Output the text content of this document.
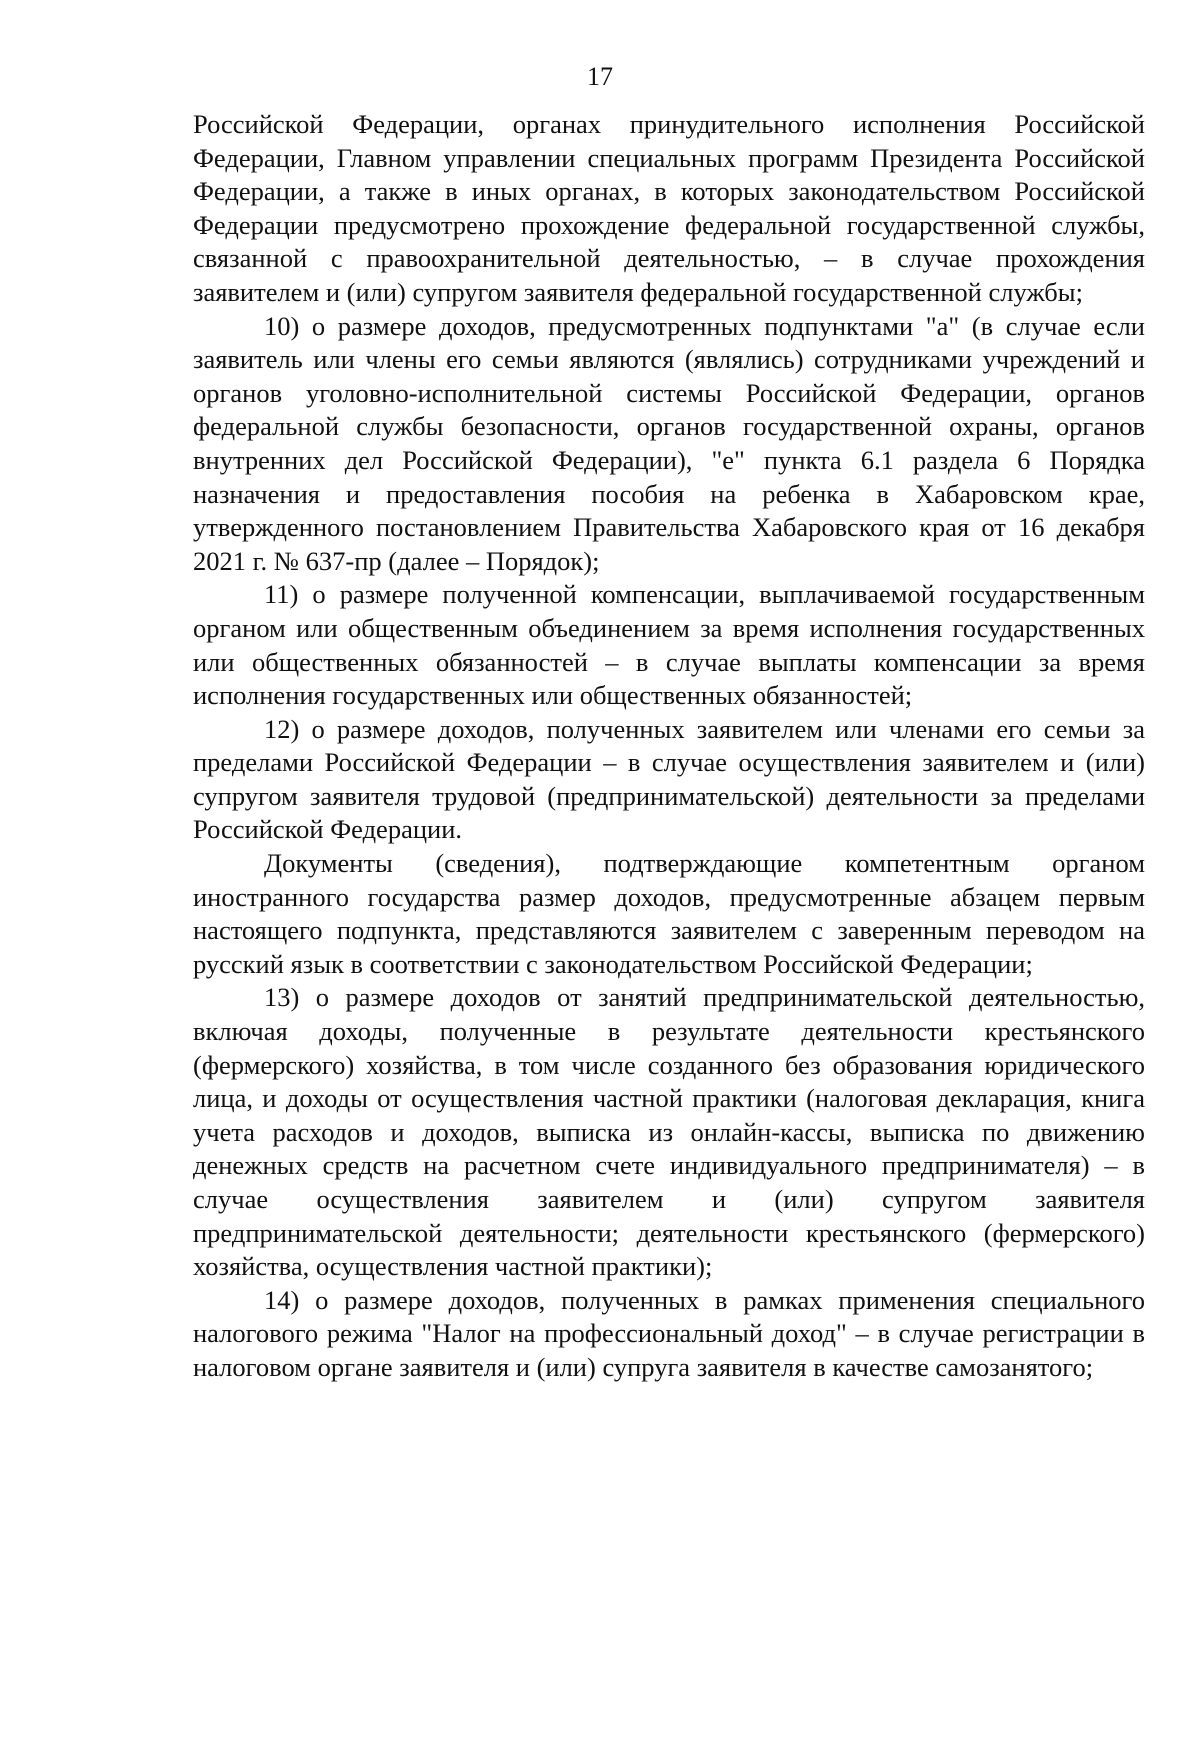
17

Российской Федерации, органах принудительного исполнения Российской Федерации, Главном управлении специальных программ Президента Российской Федерации, а также в иных органах, в которых законодательством Российской Федерации предусмотрено прохождение федеральной государственной службы, связанной с правоохранительной деятельностью, – в случае прохождения заявителем и (или) супругом заявителя федеральной государственной службы;

10) о размере доходов, предусмотренных подпунктами "а" (в случае если заявитель или члены его семьи являются (являлись) сотрудниками учреждений и органов уголовно-исполнительной системы Российской Федерации, органов федеральной службы безопасности, органов государственной охраны, органов внутренних дел Российской Федерации), "е" пункта 6.1 раздела 6 Порядка назначения и предоставления пособия на ребенка в Хабаровском крае, утвержденного постановлением Правительства Хабаровского края от 16 декабря 2021 г. № 637-пр (далее – Порядок);

11) о размере полученной компенсации, выплачиваемой государственным органом или общественным объединением за время исполнения государственных или общественных обязанностей – в случае выплаты компенсации за время исполнения государственных или общественных обязанностей;

12) о размере доходов, полученных заявителем или членами его семьи за пределами Российской Федерации – в случае осуществления заявителем и (или) супругом заявителя трудовой (предпринимательской) деятельности за пределами Российской Федерации.

Документы (сведения), подтверждающие компетентным органом иностранного государства размер доходов, предусмотренные абзацем первым настоящего подпункта, представляются заявителем с заверенным переводом на русский язык в соответствии с законодательством Российской Федерации;

13) о размере доходов от занятий предпринимательской деятельностью, включая доходы, полученные в результате деятельности крестьянского (фермерского) хозяйства, в том числе созданного без образования юридического лица, и доходы от осуществления частной практики (налоговая декларация, книга учета расходов и доходов, выписка из онлайн-кассы, выписка по движению денежных средств на расчетном счете индивидуального предпринимателя) – в случае осуществления заявителем и (или) супругом заявителя предпринимательской деятельности; деятельности крестьянского (фермерского) хозяйства, осуществления частной практики);

14) о размере доходов, полученных в рамках применения специального налогового режима "Налог на профессиональный доход" – в случае регистрации в налоговом органе заявителя и (или) супруга заявителя в качестве самозанятого;
